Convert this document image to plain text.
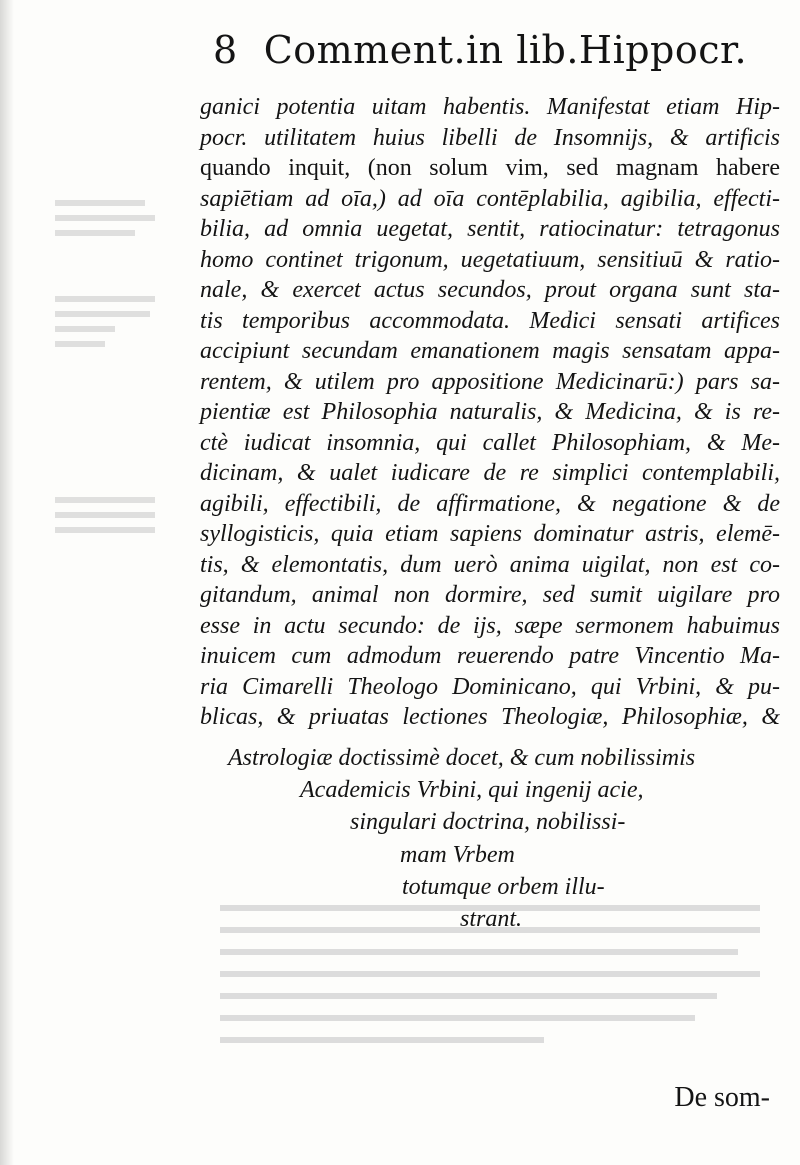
8 Comment.in lib.Hippocr.
ganici potentia uitam habentis. Manifestat etiam Hip-
pocr. utilitatem huius libelli de Insomnijs, & artificis
quando inquit, (non solum vim, sed magnam habere
sapiētiam ad oīa,) ad oīa contēplabilia, agibilia, effecti-
bilia, ad omnia uegetat, sentit, ratiocinatur: tetragonus
homo continet trigonum, uegetatiuum, sensitiuū & ratio-
nale, & exercet actus secundos, prout organa sunt sta-
tis temporibus accommodata. Medici sensati artifices
accipiunt secundam emanationem magis sensatam appa-
rentem, & utilem pro appositione Medicinarū:) pars sa-
pientiæ est Philosophia naturalis, & Medicina, & is re-
ctè iudicat insomnia, qui callet Philosophiam, & Me-
dicinam, & ualet iudicare de re simplici contemplabili,
agibili, effectibili, de affirmatione, & negatione & de
syllogisticis, quia etiam sapiens dominatur astris, elemē-
tis, & elemontatis, dum uerò anima uigilat, non est co-
gitandum, animal non dormire, sed sumit uigilare pro
esse in actu secundo: de ijs, sæpe sermonem habuimus
inuicem cum admodum reuerendo patre Vincentio Ma-
ria Cimarelli Theologo Dominicano, qui Vrbini, & pu-
blicas, & priuatas lectiones Theologiæ, Philosophiæ, &
Astrologiæ doctissimè docet, & cum nobilissimis
Academicis Vrbini, qui ingenij acie,
singulari doctrina, nobilissi-
mam Vrbem
totumque orbem illu-
strant.
De som-
